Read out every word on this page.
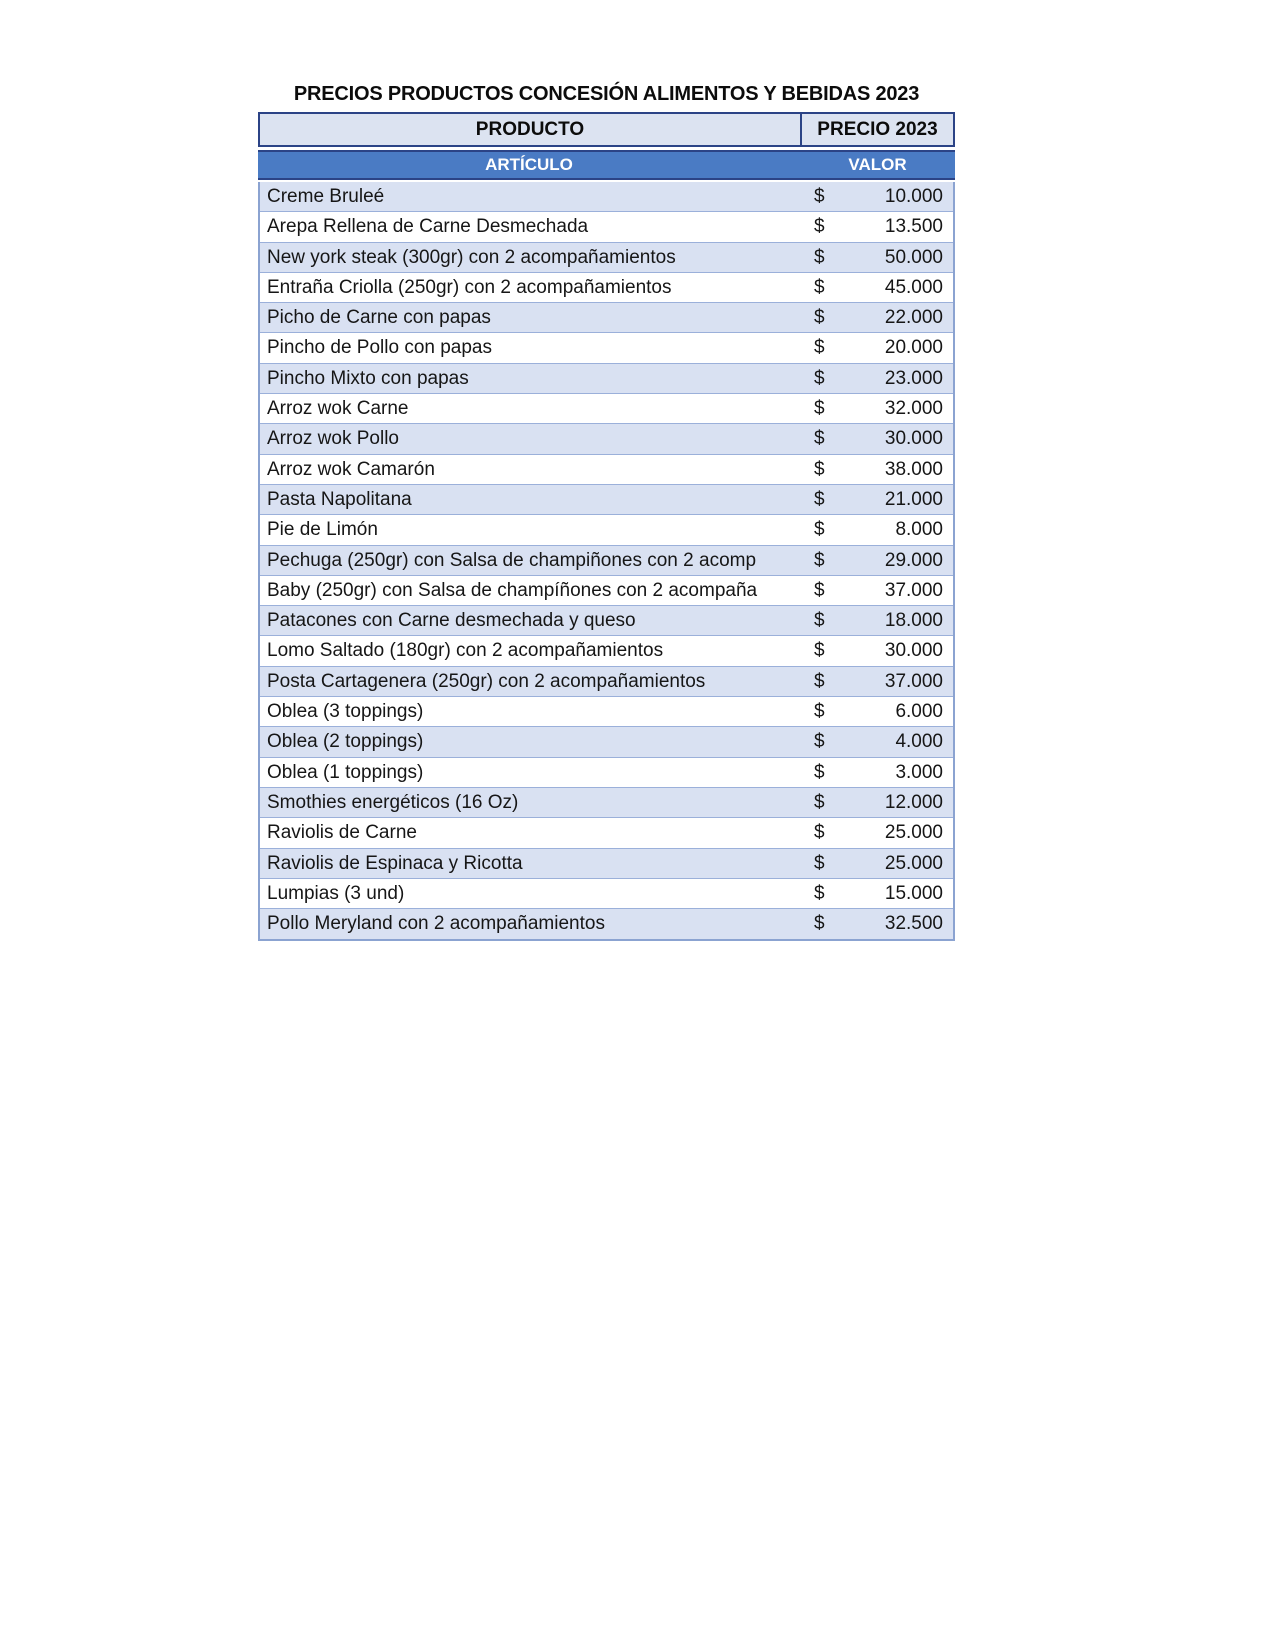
PRECIOS PRODUCTOS CONCESIÓN ALIMENTOS Y BEBIDAS 2023
PRODUCTO	PRECIO 2023
ARTÍCULO	VALOR
Creme Bruleé	$	10.000
Arepa Rellena de Carne Desmechada	$	13.500
New york steak (300gr) con 2 acompañamientos	$	50.000
Entraña Criolla (250gr) con 2 acompañamientos	$	45.000
Picho de Carne con papas	$	22.000
Pincho de Pollo con papas	$	20.000
Pincho Mixto con papas	$	23.000
Arroz wok Carne	$	32.000
Arroz wok Pollo	$	30.000
Arroz wok Camarón	$	38.000
Pasta Napolitana	$	21.000
Pie de Limón	$	8.000
Pechuga (250gr) con Salsa de champiñones con 2 acomp	$	29.000
Baby (250gr) con Salsa de champíñones con 2 acompaña	$	37.000
Patacones con Carne desmechada y queso	$	18.000
Lomo Saltado (180gr) con 2 acompañamientos	$	30.000
Posta Cartagenera (250gr) con 2 acompañamientos	$	37.000
Oblea (3 toppings)	$	6.000
Oblea (2 toppings)	$	4.000
Oblea (1 toppings)	$	3.000
Smothies energéticos (16 Oz)	$	12.000
Raviolis de Carne	$	25.000
Raviolis de Espinaca y Ricotta	$	25.000
Lumpias (3 und)	$	15.000
Pollo Meryland con 2 acompañamientos	$	32.500
